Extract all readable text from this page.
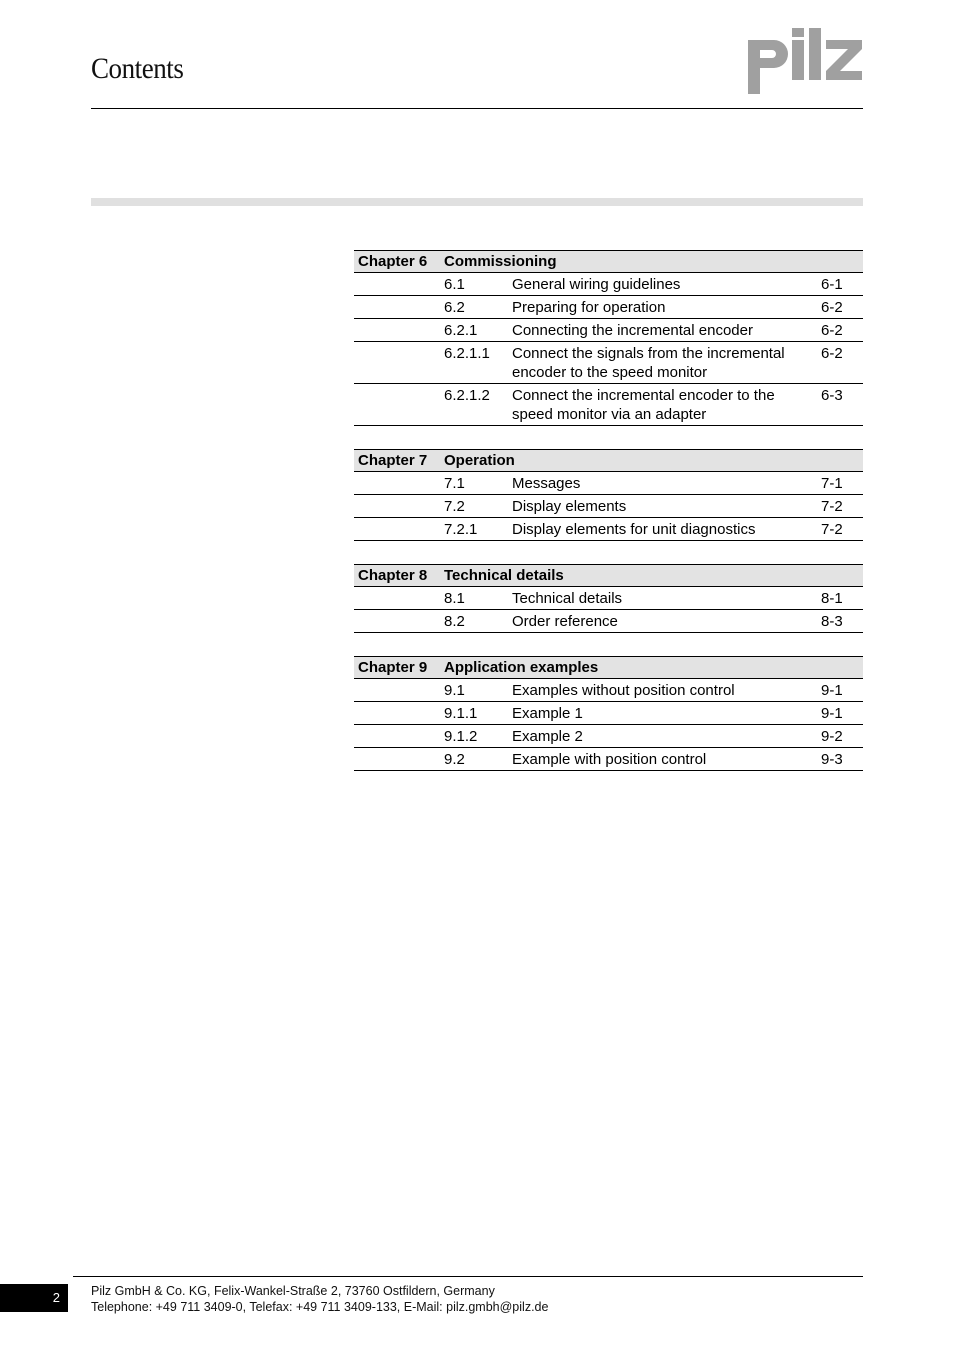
Contents
Chapter 6	Commissioning		
	6.1	General wiring guidelines	6-1
	6.2	Preparing for operation	6-2
	6.2.1	Connecting the incremental encoder	6-2
	6.2.1.1	Connect the signals from the incremental encoder to the speed monitor	6-2
	6.2.1.2	Connect the incremental encoder to the speed monitor via an adapter	6-3
Chapter 7	Operation		
	7.1	Messages	7-1
	7.2	Display elements	7-2
	7.2.1	Display elements for unit diagnostics	7-2
Chapter 8	Technical details		
	8.1	Technical details	8-1
	8.2	Order reference	8-3
Chapter 9	Application examples		
	9.1	Examples without position control	9-1
	9.1.1	Example 1	9-1
	9.1.2	Example 2	9-2
	9.2	Example with position control	9-3
2	Pilz GmbH & Co. KG, Felix-Wankel-Straße 2, 73760 Ostfildern, Germany
Telephone: +49 711 3409-0, Telefax: +49 711 3409-133, E-Mail: pilz.gmbh@pilz.de
